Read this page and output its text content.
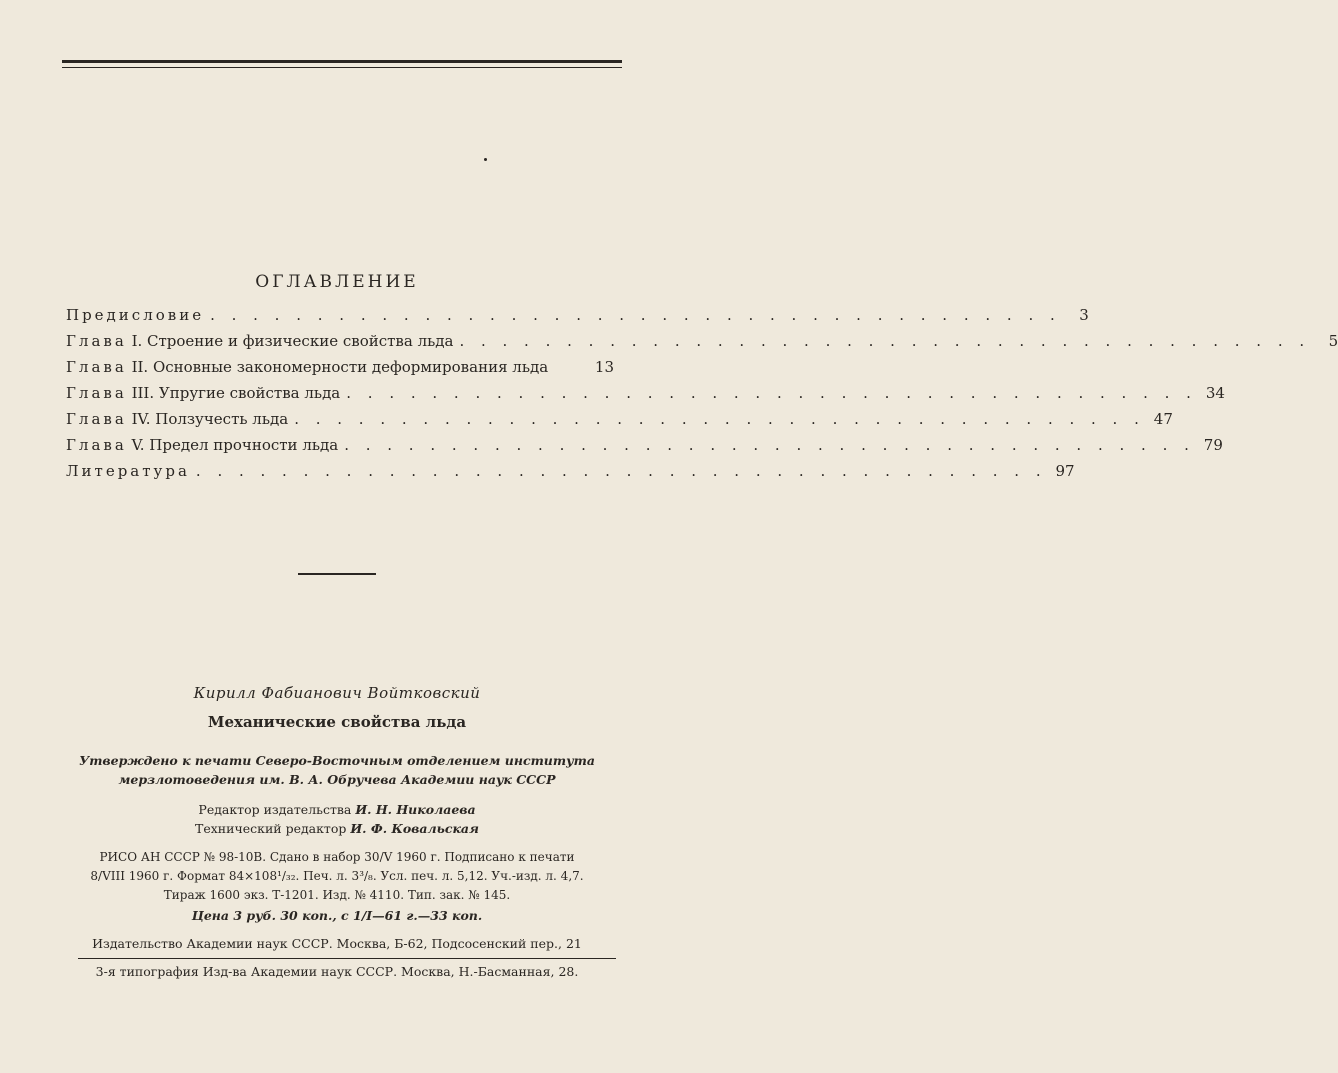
ОГЛАВЛЕНИЕ
Предисловие . . . . . . . . . . . . . . . . . . . . . . . . . . . . . . . . . . . . . . . .	3
Глава I. Строение и физические свойства льда . . . . . . . . . . . . . . . . . . . . . . . . . . . . . . . . . . . . . . . .	5
Глава II. Основные закономерности деформирования льда	13
Глава III. Упругие свойства льда . . . . . . . . . . . . . . . . . . . . . . . . . . . . . . . . . . . . . . . . 34
Глава IV. Ползучесть льда . . . . . . . . . . . . . . . . . . . . . . . . . . . . . . . . . . . . . . . . 47
Глава V. Предел прочности льда . . . . . . . . . . . . . . . . . . . . . . . . . . . . . . . . . . . . . . . . 79
Литература . . . . . . . . . . . . . . . . . . . . . . . . . . . . . . . . . . . . . . . . 97
Кирилл Фабианович Войтковский
Механические свойства льда
Утверждено к печати Северо-Восточным отделением института
мерзлотоведения им. В. А. Обручева Академии наук СССР
Редактор издательства И. Н. Николаева
Технический редактор И. Ф. Ковальская
РИСО АН СССР № 98-10В. Сдано в набор 30/V 1960 г. Подписано к печати
8/VIII 1960 г. Формат 84×108¹/₃₂. Печ. л. 3³/₈. Усл. печ. л. 5,12. Уч.-изд. л. 4,7.
Тираж 1600 экз. Т-1201. Изд. № 4110. Тип. зак. № 145.
Цена 3 руб. 30 коп., с 1/I—61 г.—33 коп.
Издательство Академии наук СССР. Москва, Б-62, Подсосенский пер., 21
3-я типография Изд-ва Академии наук СССР. Москва, Н.-Басманная, 28.
